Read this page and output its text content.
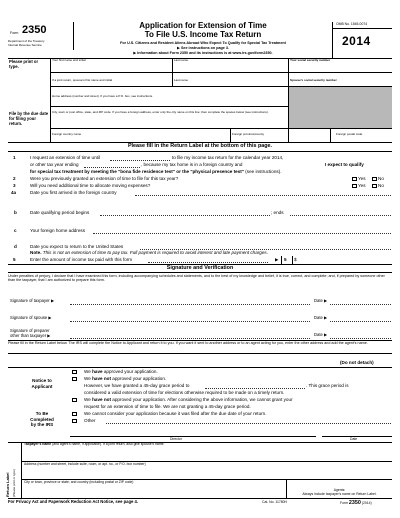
Form 2350
Department of the Treasury
Internal Revenue Service
Application for Extension of Time
To File U.S. Income Tax Return
For U.S. Citizens and Resident Aliens Abroad Who Expect To Qualify for Special Tax Treatment
▶ See instructions on page 3.
▶ Information about Form 2350 and its instructions is at www.irs.gov/form2350.
OMB No. 1545-0074
2014
Please print or type.
File by the due date for filing your return.
Your first name and initial	Last name	Your social security number
If a joint return, spouse's first name and initial	Last name	Spouse's social security number
Home address (number and street). If you have a P.O. box, see instructions.
City, town or post office, state, and ZIP code. If you have a foreign address, enter only the city name on this line; then complete the spaces below (see instructions).
Foreign country name	Foreign province/county	Foreign postal code
Please fill in the Return Label at the bottom of this page.
1	I request an extension of time until	to file my income tax return for the calendar year 2014,
or other tax year ending	, because my tax home is in a foreign country and	I expect to qualify
for special tax treatment by meeting the "bona fide residence test" or the "physical presence test" (see instructions).
2	Were you previously granted an extension of time to file for this tax year?	Yes	No
3	Will you need additional time to allocate moving expenses?	Yes	No
4a	Date you first arrived in the foreign country
b	Date qualifying period begins	; ends
c	Your foreign home address
d	Date you expect to return to the United States
Note. This is not an extension of time to pay tax. Full payment is required to avoid interest and late payment charges.
5	Enter the amount of income tax paid with this form	▶ 5 $
Signature and Verification
Under penalties of perjury, I declare that I have examined this form, including accompanying schedules and statements, and to the best of my knowledge and belief, it is true, correct, and complete; and, if prepared by someone other than the taxpayer, that I am authorized to prepare this form.
Signature of taxpayer ▶	Date ▶
Signature of spouse ▶	Date ▶
Signature of preparer
other than taxpayer ▶	Date ▶
Please fill in the Return Label below. The IRS will complete the Notice to Applicant and return it to you. If you want it sent to another address or to an agent acting for you, enter the other address and add the agent's name.
(Do not detach)
Notice to
Applicant
To Be
Completed
by the IRS
We have approved your application.
We have not approved your application.
However, we have granted a 45-day grace period to	. This grace period is
considered a valid extension of time for elections otherwise required to be made on a timely return.
We have not approved your application. After considering the above information, we cannot grant your
request for an extension of time to file. We are not granting a 45-day grace period.
We cannot consider your application because it was filed after the due date of your return.
Other
Director	Date
Return Label (Please print or type)
Taxpayer's name (and agent's name, if applicable). If a joint return, also give spouse's name.
Address (number and street, include suite, room, or apt. no., or P.O. box number)
City or town, province or state, and country (including postal or ZIP code)
Agents:
Always include taxpayer's name on Return Label.
For Privacy Act and Paperwork Reduction Act Notice, see page 4.	Cat. No. 11780H	Form 2350 (2014)
